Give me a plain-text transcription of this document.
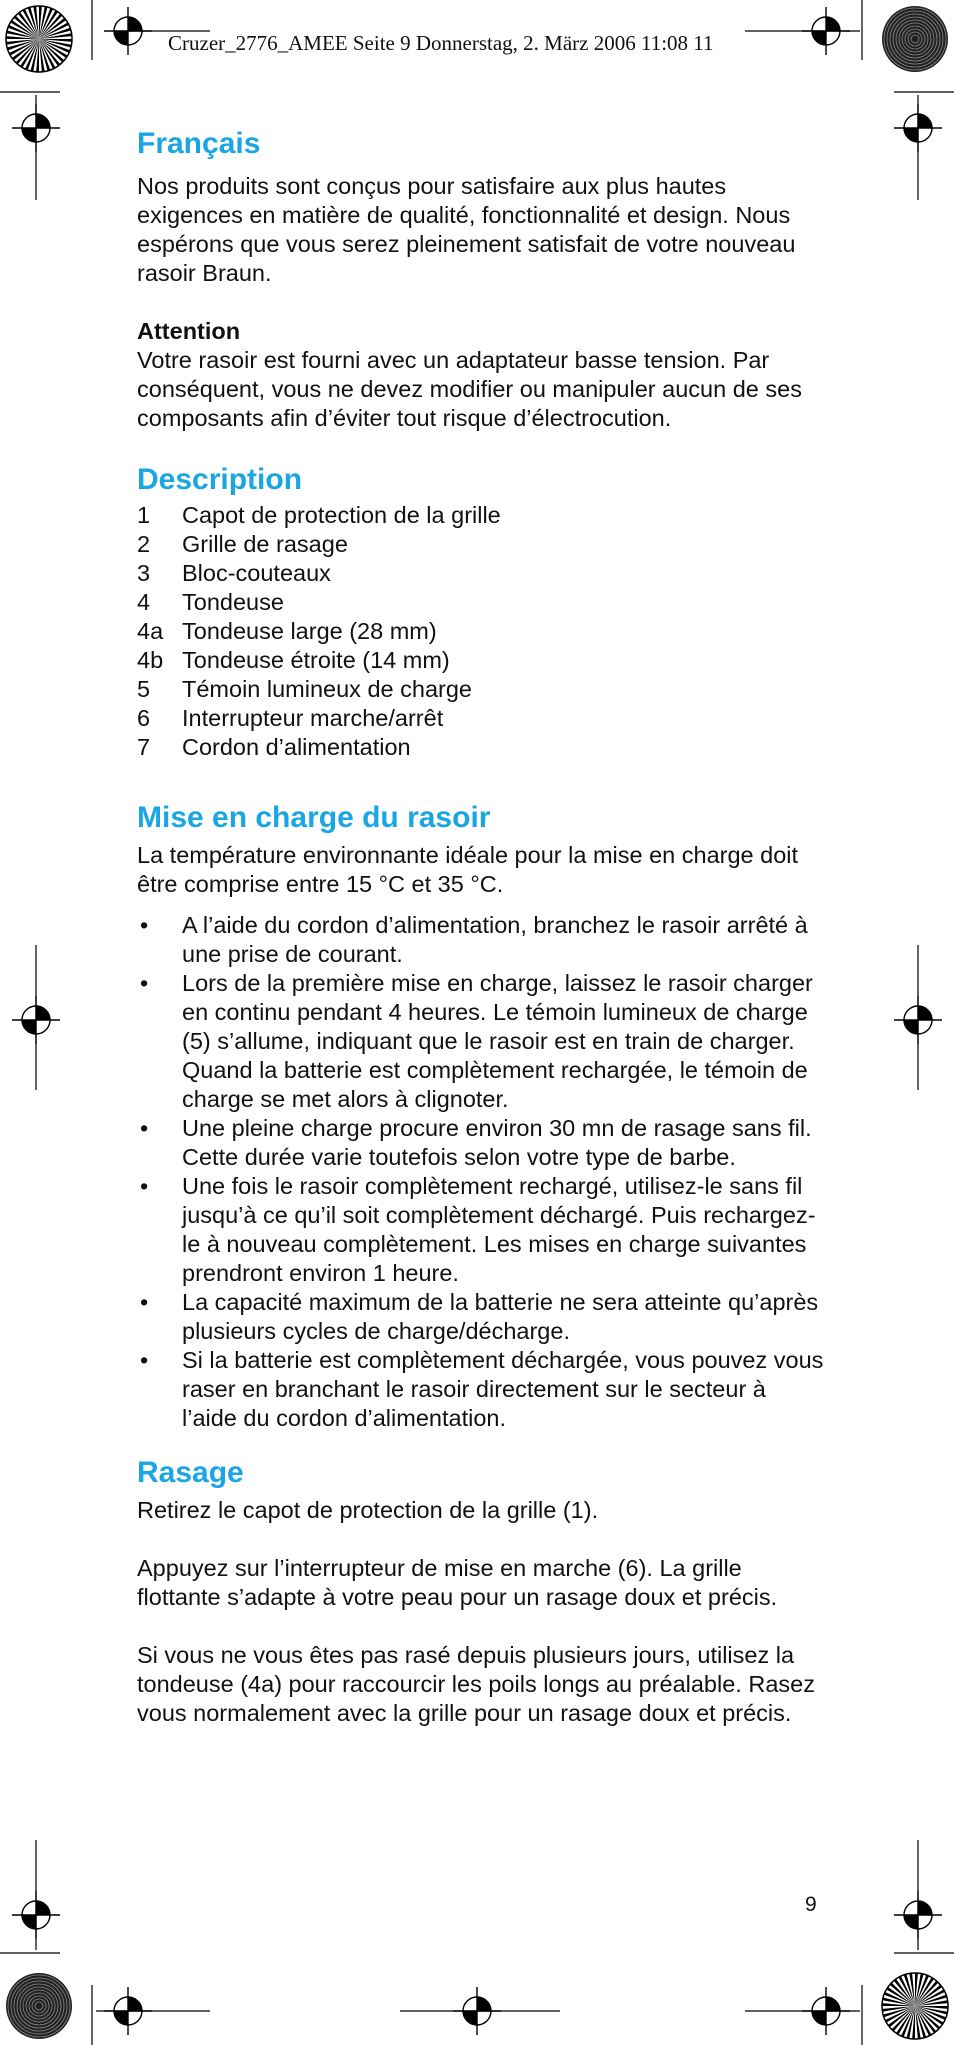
Cruzer_2776_AMEE Seite 9 Donnerstag, 2. März 2006 11:08 11
Français

Nos produits sont conçus pour satisfaire aux plus hautes exigences en matière de qualité, fonctionnalité et design. Nous espérons que vous serez pleinement satisfait de votre nouveau rasoir Braun.

Attention

Votre rasoir est fourni avec un adaptateur basse tension. Par conséquent, vous ne devez modifier ou manipuler aucun de ses composants afin d’éviter tout risque d’électrocution.

Description
1	Capot de protection de la grille
2	Grille de rasage
3	Bloc-couteaux
4	Tondeuse
4a Tondeuse large (28 mm)
4b Tondeuse étroite (14 mm)
5	Témoin lumineux de charge
6	Interrupteur marche/arrêt
7	Cordon d’alimentation
Mise en charge du rasoir

La température environnante idéale pour la mise en charge doit être comprise entre 15 °C et 35 °C.

•	A l’aide du cordon d’alimentation, branchez le rasoir arrêté à une prise de courant.
•	Lors de la première mise en charge, laissez le rasoir charger en continu pendant 4 heures. Le témoin lumineux de charge (5) s’allume, indiquant que le rasoir est en train de charger. Quand la batterie est complètement rechargée, le témoin de charge se met alors à clignoter.
•	Une pleine charge procure environ 30 mn de rasage sans fil. Cette durée varie toutefois selon votre type de barbe.
•	Une fois le rasoir complètement rechargé, utilisez-le sans fil jusqu’à ce qu’il soit complètement déchargé. Puis rechargez-le à nouveau complètement. Les mises en charge suivantes prendront environ 1 heure.
•	La capacité maximum de la batterie ne sera atteinte qu’après plusieurs cycles de charge/décharge.
•	Si la batterie est complètement déchargée, vous pouvez vous raser en branchant le rasoir directement sur le secteur à l’aide du cordon d’alimentation.
Rasage

Retirez le capot de protection de la grille (1).

Appuyez sur l’interrupteur de mise en marche (6). La grille flottante s’adapte à votre peau pour un rasage doux et précis.

Si vous ne vous êtes pas rasé depuis plusieurs jours, utilisez la tondeuse (4a) pour raccourcir les poils longs au préalable. Rasez vous normalement avec la grille pour un rasage doux et précis.

9
